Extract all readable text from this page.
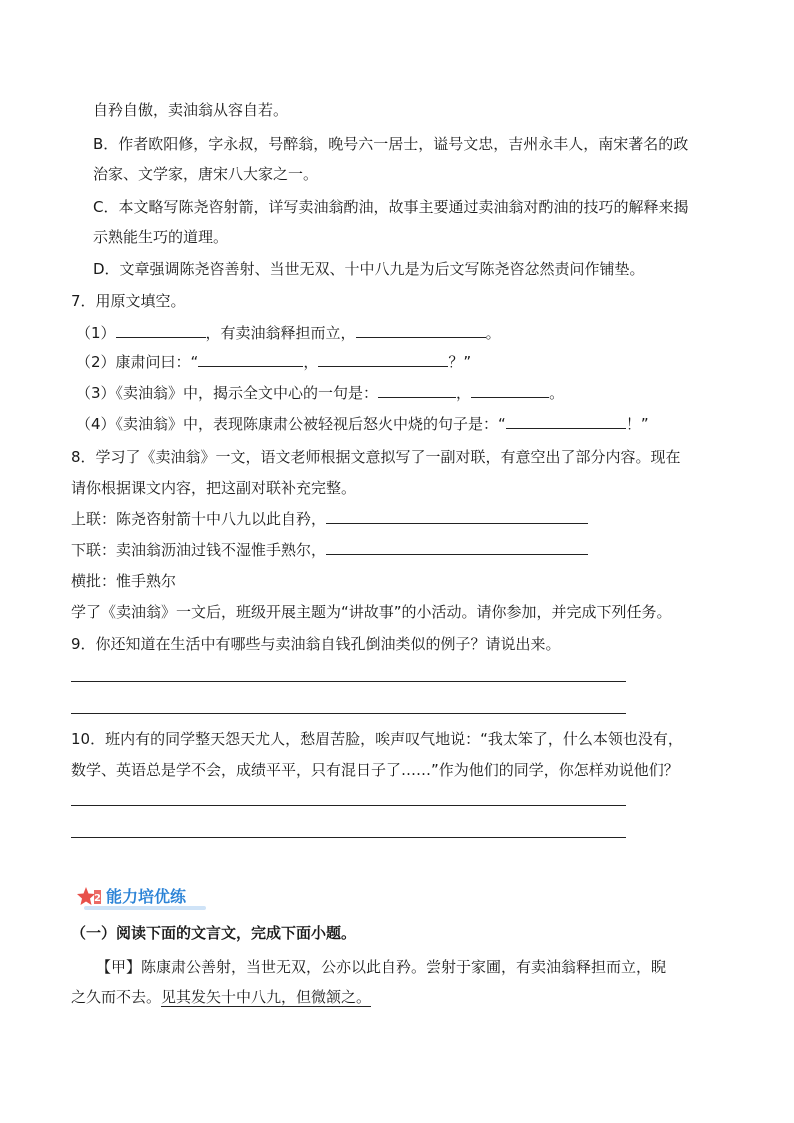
自矜自傲，卖油翁从容自若。
B．作者欧阳修，字永叔，号醉翁，晚号六一居士，谥号文忠，吉州永丰人，南宋著名的政
治家、文学家，唐宋八大家之一。
C．本文略写陈尧咨射箭，详写卖油翁酌油，故事主要通过卖油翁对酌油的技巧的解释来揭
示熟能生巧的道理。
D．文章强调陈尧咨善射、当世无双、十中八九是为后文写陈尧咨忿然责问作铺垫。
7．用原文填空。
（1）	，有卖油翁释担而立，	。
（2）康肃问曰：“	，	？”
（3）《卖油翁》中，揭示全文中心的一句是：	，	。
（4）《卖油翁》中，表现陈康肃公被轻视后怒火中烧的句子是：“	！”
8．学习了《卖油翁》一文，语文老师根据文意拟写了一副对联，有意空出了部分内容。现在
请你根据课文内容，把这副对联补充完整。
上联：陈尧咨射箭十中八九以此自矜，
下联：卖油翁沥油过钱不湿惟手熟尔，
横批：惟手熟尔
学了《卖油翁》一文后，班级开展主题为“讲故事”的小活动。请你参加，并完成下列任务。
9．你还知道在生活中有哪些与卖油翁自钱孔倒油类似的例子？请说出来。
10．班内有的同学整天怨天尤人，愁眉苦脸，唉声叹气地说：“我太笨了，什么本领也没有，
数学、英语总是学不会，成绩平平，只有混日子了……”作为他们的同学，你怎样劝说他们？
2 能力培优练
（一）阅读下面的文言文，完成下面小题。
【甲】陈康肃公善射，当世无双，公亦以此自矜。尝射于家圃，有卖油翁释担而立，睨
之久而不去。见其发矢十中八九，但微颔之。
